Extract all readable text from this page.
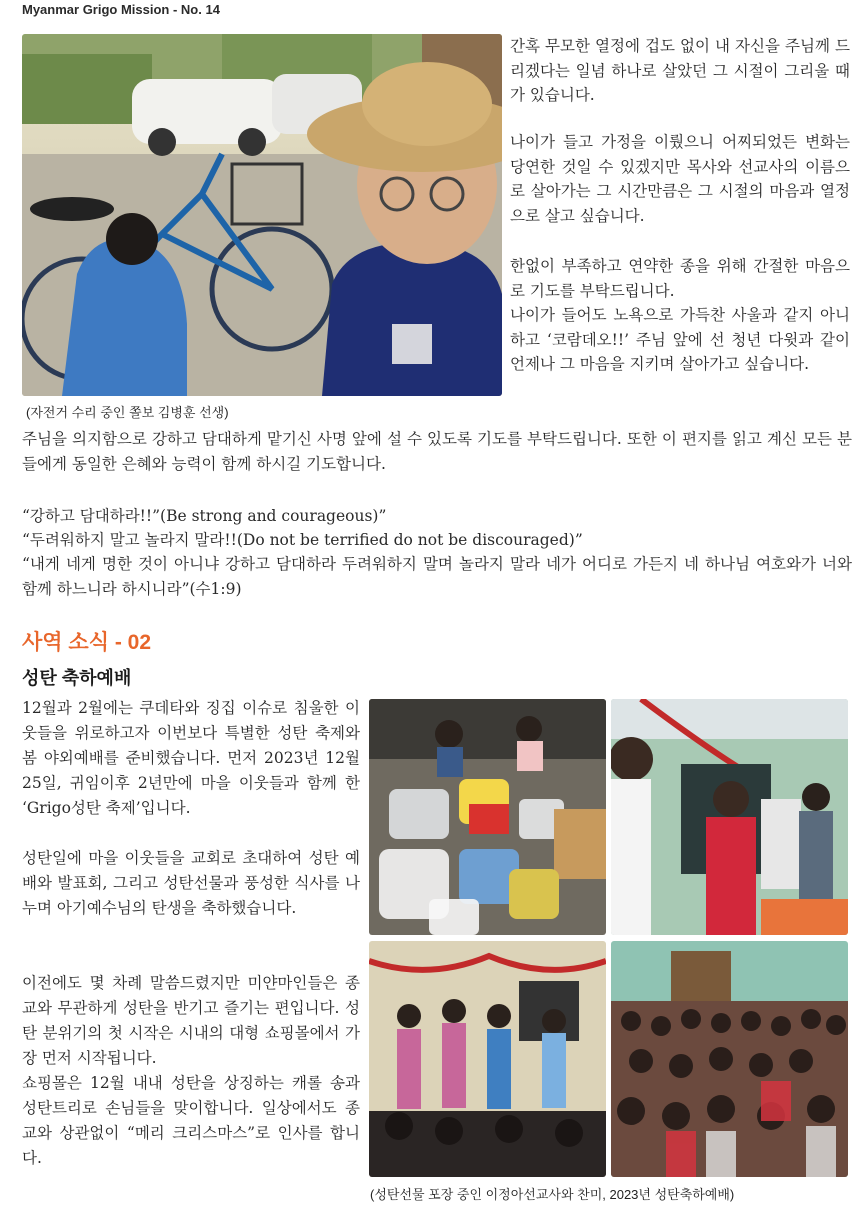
Myanmar Grigo Mission - No. 14
(자전거 수리 중인 쫄보 김병훈 선생)

간혹 무모한 열정에 겁도 없이 내 자신을 주님께 드리겠다는 일념 하나로 살았던 그 시절이 그리울 때가 있습니다.

나이가 들고 가정을 이뤘으니 어찌되었든 변화는 당연한 것일 수 있겠지만 목사와 선교사의 이름으로 살아가는 그 시간만큼은 그 시절의 마음과 열정으로 살고 싶습니다.

한없이 부족하고 연약한 종을 위해 간절한 마음으로 기도를 부탁드립니다.

나이가 들어도 노욕으로 가득찬 사울과 같지 아니하고 ‘코람데오!!’ 주님 앞에 선 청년 다윗과 같이 언제나 그 마음을 지키며 살아가고 싶습니다.

주님을 의지함으로 강하고 담대하게 맡기신 사명 앞에 설 수 있도록 기도를 부탁드립니다. 또한 이 편지를 읽고 계신 모든 분들에게 동일한 은혜와 능력이 함께 하시길 기도합니다.

“강하고 담대하라!!”(Be strong and courageous)”

“두려워하지 말고 놀라지 말라!!(Do not be terrified do not be discouraged)”

“내게 네게 명한 것이 아니냐 강하고 담대하라 두려워하지 말며 놀라지 말라 네가 어디로 가든지 네 하나님 여호와가 너와 함께 하느니라 하시니라”(수1:9)

사역 소식 - 02
성탄 축하예배

12월과 2월에는 쿠데타와 징집 이슈로 침울한 이웃들을 위로하고자 이번보다 특별한 성탄 축제와 봄 야외예배를 준비했습니다. 먼저 2023년 12월 25일, 귀임이후 2년만에 마을 이웃들과 함께 한 ‘Grigo성탄 축제’입니다.

성탄일에 마을 이웃들을 교회로 초대하여 성탄 예배와 발표회, 그리고 성탄선물과 풍성한 식사를 나누며 아기예수님의 탄생을 축하했습니다.

이전에도 몇 차례 말씀드렸지만 미얀마인들은 종교와 무관하게 성탄을 반기고 즐기는 편입니다. 성탄 분위기의 첫 시작은 시내의 대형 쇼핑몰에서 가장 먼저 시작됩니다.

쇼핑몰은 12월 내내 성탄을 상징하는 캐롤 송과 성탄트리로 손님들을 맞이합니다. 일상에서도 종교와 상관없이 “메리 크리스마스”로 인사를 합니다.

(성탄선물 포장 중인 이정아선교사와 찬미, 2023년 성탄축하예배)
